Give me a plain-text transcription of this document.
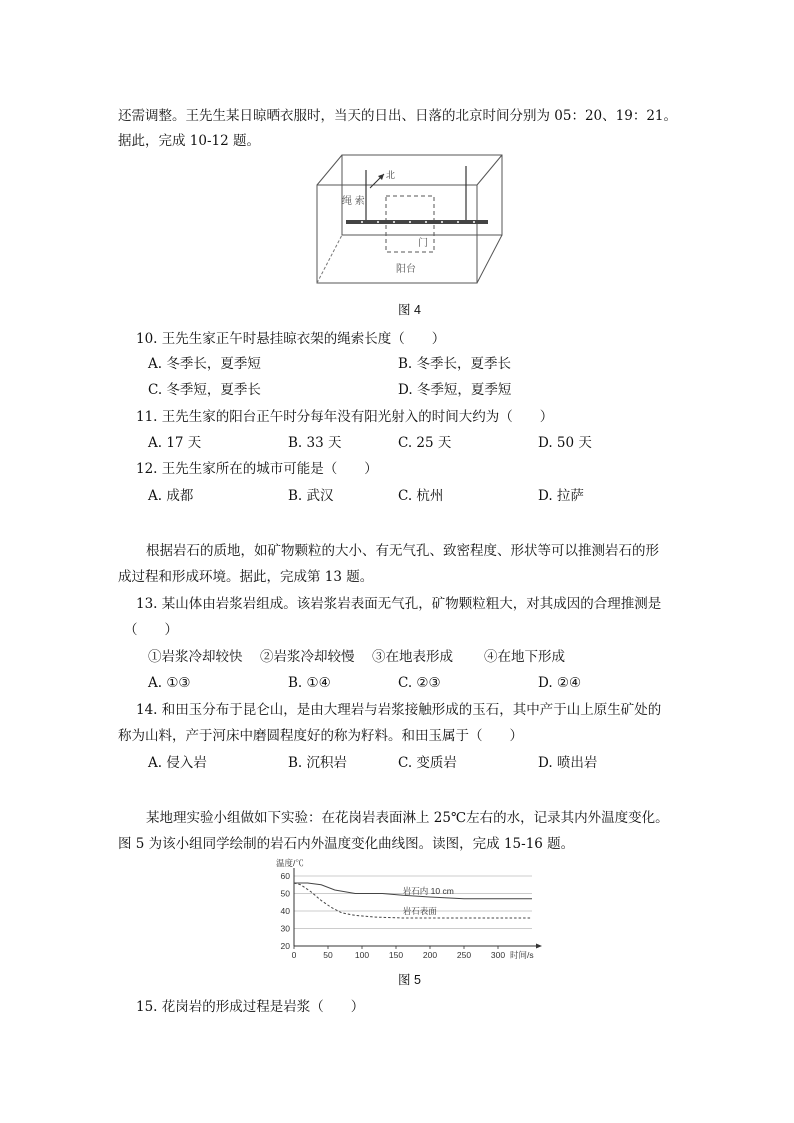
还需调整。王先生某日晾晒衣服时，当天的日出、日落的北京时间分别为 05：20、19：21。
据此，完成 10-12 题。
北
绳 索
门
阳台
图 4
10. 王先生家正午时悬挂晾衣架的绳索长度（　　）
A. 冬季长，夏季短	B. 冬季长，夏季长
C. 冬季短，夏季长	D. 冬季短，夏季短
11. 王先生家的阳台正午时分每年没有阳光射入的时间大约为（　　）
A. 17 天	B. 33 天	C. 25 天	D. 50 天
12. 王先生家所在的城市可能是（　　）
A. 成都	B. 武汉	C. 杭州	D. 拉萨
根据岩石的质地，如矿物颗粒的大小、有无气孔、致密程度、形状等可以推测岩石的形
成过程和形成环境。据此，完成第 13 题。
13. 某山体由岩浆岩组成。该岩浆岩表面无气孔，矿物颗粒粗大，对其成因的合理推测是
（　　）
①岩浆冷却较快 ②岩浆冷却较慢 ③在地表形成 ④在地下形成
A. ①③	B. ①④	C. ②③	D. ②④
14. 和田玉分布于昆仑山，是由大理岩与岩浆接触形成的玉石，其中产于山上原生矿处的
称为山料，产于河床中磨圆程度好的称为籽料。和田玉属于（　　）
A. 侵入岩	B. 沉积岩	C. 变质岩	D. 喷出岩
某地理实验小组做如下实验：在花岗岩表面淋上 25℃左右的水，记录其内外温度变化。
图 5 为该小组同学绘制的岩石内外温度变化曲线图。读图，完成 15-16 题。
20
30
40
50
60
0	50	100 150 200 250 300
温度/℃
时间/s
岩石内 10 cm
岩石表面
图 5
15. 花岗岩的形成过程是岩浆（　　）
